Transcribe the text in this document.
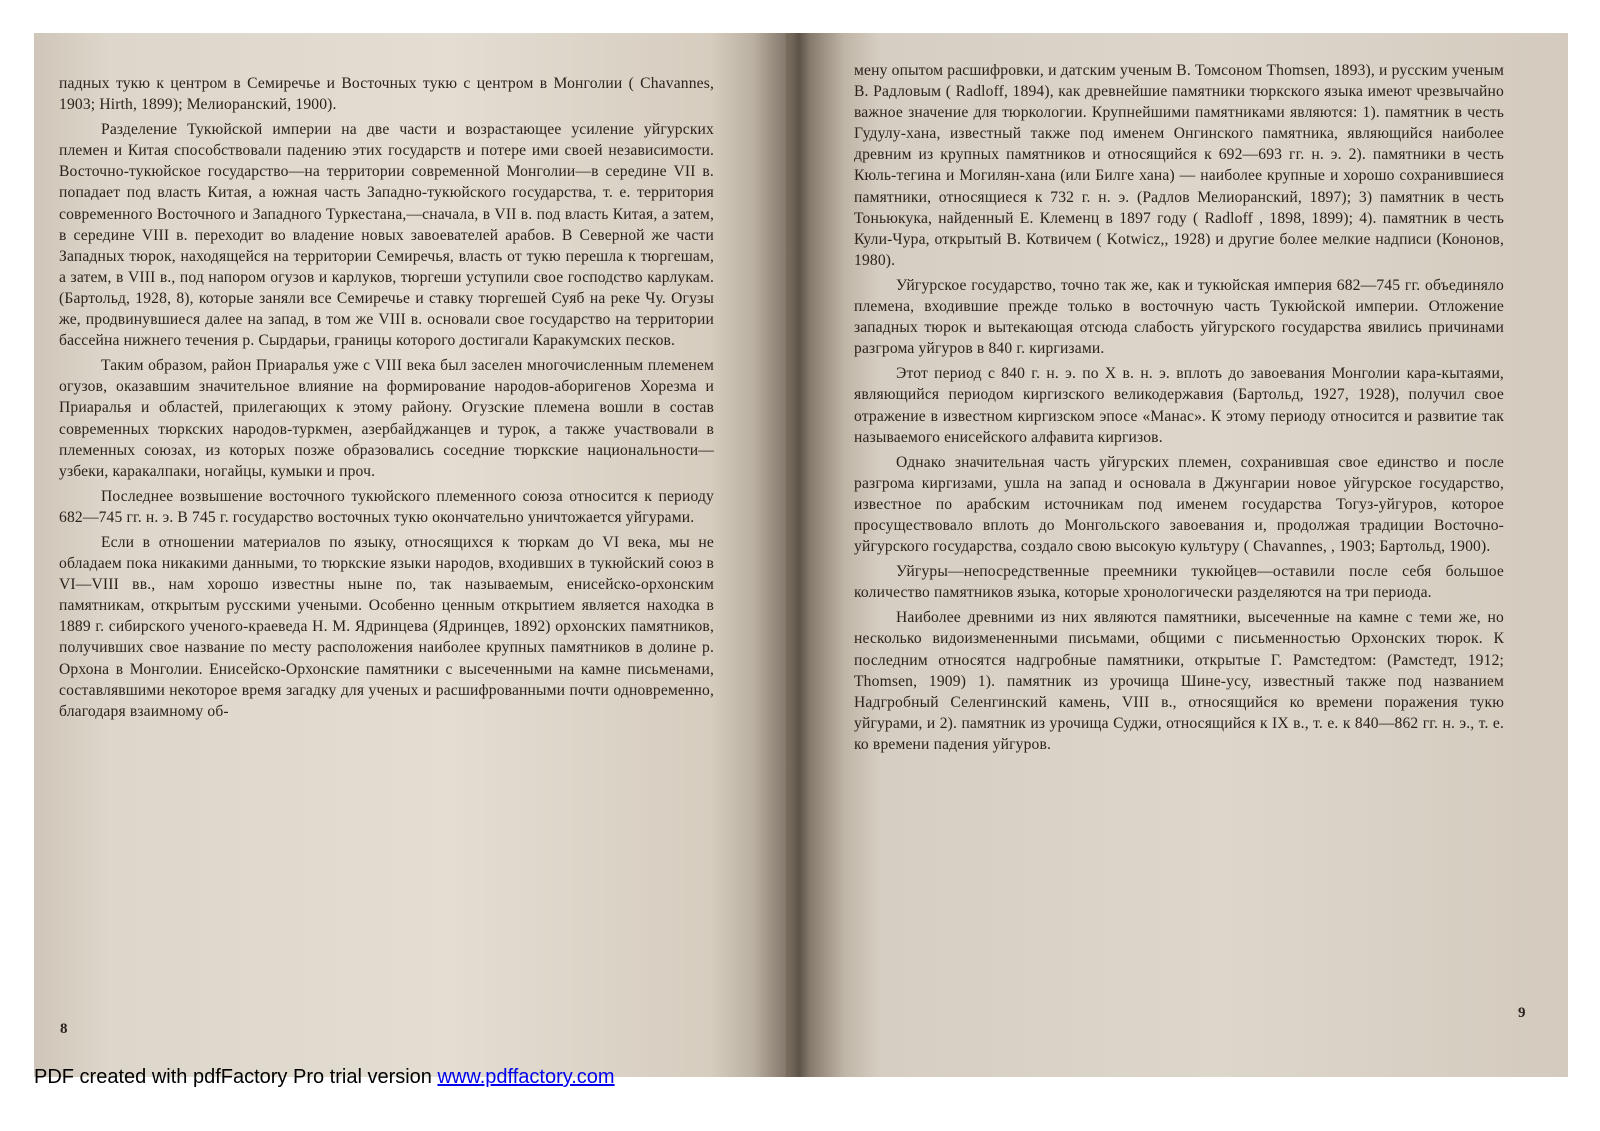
падных тукю к центром в Семиречье и Восточных тукю с центром в Монголии ( Chavannes, 1903; Hirth, 1899); Мелиоранский, 1900).

Разделение Тукюйской империи на две части и возрастающее усиление уйгурских племен и Китая способствовали падению этих государств и потере ими своей независимости. Восточно-тукюйское государство—на территории современной Монголии—в середине VII в. попадает под власть Китая, а южная часть Западно-тукюйского государства, т. е. территория современного Восточного и Западного Туркестана,—сначала, в VII в. под власть Китая, а затем, в середине VIII в. переходит во владение новых завоевателей арабов. В Северной же части Западных тюрок, находящейся на территории Семиречья, власть от тукю перешла к тюргешам, а затем, в VIII в., под напором огузов и карлуков, тюргеши уступили свое господство карлукам. (Бартольд, 1928, 8), которые заняли все Семиречье и ставку тюргешей Суяб на реке Чу. Огузы же, продвинувшиеся далее на запад, в том же VIII в. основали свое государство на территории бассейна нижнего течения р. Сырдарьи, границы которого достигали Каракумских песков.

Таким образом, район Приаралья уже с VIII века был заселен многочисленным племенем огузов, оказавшим значительное влияние на формирование народов-аборигенов Хорезма и Приаралья и областей, прилегающих к этому району. Огузские племена вошли в состав современных тюркских народов-туркмен, азербайджанцев и турок, а также участвовали в племенных союзах, из которых позже образовались соседние тюркские национальности—узбеки, каракалпаки, ногайцы, кумыки и проч.

Последнее возвышение восточного тукюйского племенного союза относится к периоду 682—745 гг. н. э. В 745 г. государство восточных тукю окончательно уничтожается уйгурами.

Если в отношении материалов по языку, относящихся к тюркам до VI века, мы не обладаем пока никакими данными, то тюркские языки народов, входивших в тукюйский союз в VI—VIII вв., нам хорошо известны ныне по, так называемым, енисейско-орхонским памятникам, открытым русскими учеными. Особенно ценным открытием является находка в 1889 г. сибирского ученого-краеведа Н. М. Ядринцева (Ядринцев, 1892) орхонских памятников, получивших свое название по месту расположения наиболее крупных памятников в долине р. Орхона в Монголии. Енисейско-Орхонские памятники с высеченными на камне письменами, составлявшими некоторое время загадку для ученых и расшифрованными почти одновременно, благодаря взаимному об-

8

мену опытом расшифровки, и датским ученым В. Томсоном Thomsen, 1893), и русским ученым В. Радловым ( Radloff, 1894), как древнейшие памятники тюркского языка имеют чрезвычайно важное значение для тюркологии. Крупнейшими памятниками являются: 1). памятник в честь Гудулу-хана, известный также под именем Онгинского памятника, являющийся наиболее древним из крупных памятников и относящийся к 692—693 гг. н. э. 2). памятники в честь Кюль-тегина и Могилян-хана (или Билге хана) — наиболее крупные и хорошо сохранившиеся памятники, относящиеся к 732 г. н. э. (Радлов Мелиоранский, 1897); 3) памятник в честь Тоньюкука, найденный Е. Клеменц в 1897 году ( Radloff , 1898, 1899); 4). памятник в честь Кули-Чура, открытый В. Котвичем ( Kotwicz,, 1928) и другие более мелкие надписи (Кононов, 1980).

Уйгурское государство, точно так же, как и тукюйская империя 682—745 гг. объединяло племена, входившие прежде только в восточную часть Тукюйской империи. Отложение западных тюрок и вытекающая отсюда слабость уйгурского государства явились причинами разгрома уйгуров в 840 г. киргизами.

Этот период с 840 г. н. э. по X в. н. э. вплоть до завоевания Монголии кара-кытаями, являющийся периодом киргизского великодержавия (Бартольд, 1927, 1928), получил свое отражение в известном киргизском эпосе «Манас». К этому периоду относится и развитие так называемого енисейского алфавита киргизов.

Однако значительная часть уйгурских племен, сохранившая свое единство и после разгрома киргизами, ушла на запад и основала в Джунгарии новое уйгурское государство, известное по арабским источникам под именем государства Тогуз-уйгуров, которое просуществовало вплоть до Монгольского завоевания и, продолжая традиции Восточно-уйгурского государства, создало свою высокую культуру ( Chavannes, , 1903; Бартольд, 1900).

Уйгуры—непосредственные преемники тукюйцев—оставили после себя большое количество памятников языка, которые хронологически разделяются на три периода.

Наиболее древними из них являются памятники, высеченные на камне с теми же, но несколько видоизмененными письмами, общими с письменностью Орхонских тюрок. К последним относятся надгробные памятники, открытые Г. Рамстедтом: (Рамстедт, 1912; Thomsen, 1909) 1). памятник из урочища Шине-усу, известный также под названием Надгробный Селенгинский камень, VIII в., относящийся ко времени поражения тукю уйгурами, и 2). памятник из урочища Суджи, относящийся к IX в., т. е. к 840—862 гг. н. э., т. е. ко времени падения уйгуров.

9
PDF created with pdfFactory Pro trial version www.pdffactory.com
